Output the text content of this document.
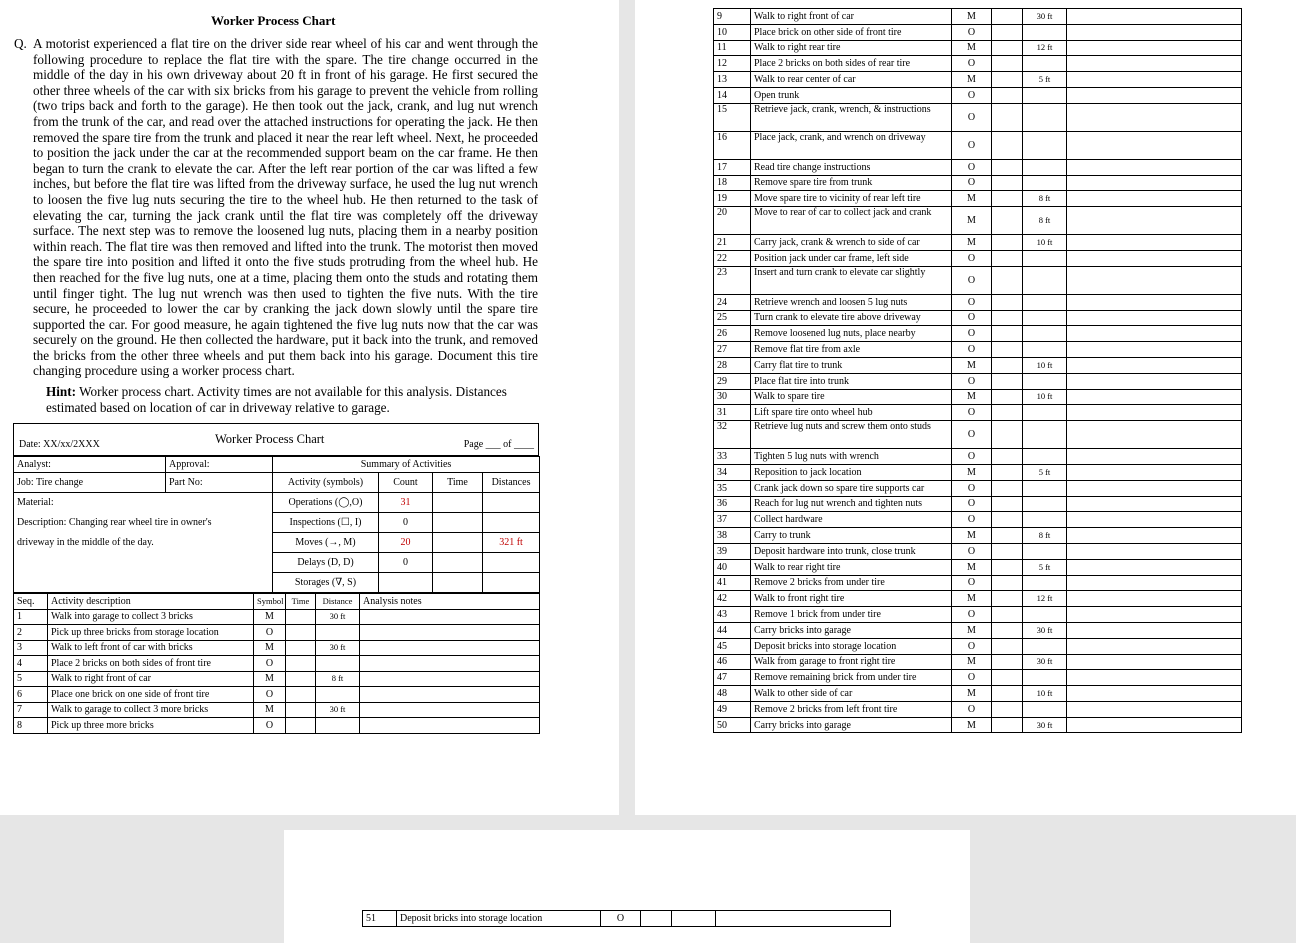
Worker Process Chart
Q. A motorist experienced a flat tire on the driver side rear wheel of his car and went through the following procedure to replace the flat tire with the spare. The tire change occurred in the middle of the day in his own driveway about 20 ft in front of his garage. He first secured the other three wheels of the car with six bricks from his garage to prevent the vehicle from rolling (two trips back and forth to the garage). He then took out the jack, crank, and lug nut wrench from the trunk of the car, and read over the attached instructions for operating the jack. He then removed the spare tire from the trunk and placed it near the rear left wheel. Next, he proceeded to position the jack under the car at the recommended support beam on the car frame. He then began to turn the crank to elevate the car. After the left rear portion of the car was lifted a few inches, but before the flat tire was lifted from the driveway surface, he used the lug nut wrench to loosen the five lug nuts securing the tire to the wheel hub. He then returned to the task of elevating the car, turning the jack crank until the flat tire was completely off the driveway surface. The next step was to remove the loosened lug nuts, placing them in a nearby position within reach. The flat tire was then removed and lifted into the trunk. The motorist then moved the spare tire into position and lifted it onto the five studs protruding from the wheel hub. He then reached for the five lug nuts, one at a time, placing them onto the studs and rotating them until finger tight. The lug nut wrench was then used to tighten the five nuts. With the tire secure, he proceeded to lower the car by cranking the jack down slowly until the spare tire supported the car. For good measure, he again tightened the five lug nuts now that the car was securely on the ground. He then collected the hardware, put it back into the trunk, and removed the bricks from the other three wheels and put them back into his garage. Document this tire changing procedure using a worker process chart.
Hint: Worker process chart. Activity times are not available for this analysis. Distances estimated based on location of car in driveway relative to garage.
Date: XX/xx/2XXX	Worker Process Chart	Page ___ of ____
Analyst:	Approval:	Summary of Activities			
Job: Tire change	Part No:	Activity (symbols)	Count	Time	Distances
Material:		Operations (◯,O)	31		
Description: Changing rear wheel tire in owner's		Inspections (☐, I)	0		
driveway in the middle of the day.		Moves (→, M)	20		321 ft
		Delays (D, D)	0		
		Storages (∇, S)			
Seq.	Activity description	Symbol	Time	Distance	Analysis notes
1	Walk into garage to collect 3 bricks	M		30 ft	
2	Pick up three bricks from storage location	O			
3	Walk to left front of car with bricks	M		30 ft	
4	Place 2 bricks on both sides of front tire	O			
5	Walk to right front of car	M		8 ft	
6	Place one brick on one side of front tire	O			
7	Walk to garage to collect 3 more bricks	M		30 ft	
8	Pick up three more bricks	O			
9	Walk to right front of car	M		30 ft	
10	Place brick on other side of front tire	O			
11	Walk to right rear tire	M		12 ft	
12	Place 2 bricks on both sides of rear tire	O			
13	Walk to rear center of car	M		5 ft	
14	Open trunk	O			
15	Retrieve jack, crank, wrench, & instructions	O			
16	Place jack, crank, and wrench on driveway	O			
17	Read tire change instructions	O			
18	Remove spare tire from trunk	O			
19	Move spare tire to vicinity of rear left tire	M		8 ft	
20	Move to rear of car to collect jack and crank	M		8 ft	
21	Carry jack, crank & wrench to side of car	M		10 ft	
22	Position jack under car frame, left side	O			
23	Insert and turn crank to elevate car slightly	O			
24	Retrieve wrench and loosen 5 lug nuts	O			
25	Turn crank to elevate tire above driveway	O			
26	Remove loosened lug nuts, place nearby	O			
27	Remove flat tire from axle	O			
28	Carry flat tire to trunk	M		10 ft	
29	Place flat tire into trunk	O			
30	Walk to spare tire	M		10 ft	
31	Lift spare tire onto wheel hub	O			
32	Retrieve lug nuts and screw them onto studs	O			
33	Tighten 5 lug nuts with wrench	O			
34	Reposition to jack location	M		5 ft	
35	Crank jack down so spare tire supports car	O			
36	Reach for lug nut wrench and tighten nuts	O			
37	Collect hardware	O			
38	Carry to trunk	M		8 ft	
39	Deposit hardware into trunk, close trunk	O			
40	Walk to rear right tire	M		5 ft	
41	Remove 2 bricks from under tire	O			
42	Walk to front right tire	M		12 ft	
43	Remove 1 brick from under tire	O			
44	Carry bricks into garage	M		30 ft	
45	Deposit bricks into storage location	O			
46	Walk from garage to front right tire	M		30 ft	
47	Remove remaining brick from under tire	O			
48	Walk to other side of car	M		10 ft	
49	Remove 2 bricks from left front tire	O			
50	Carry bricks into garage	M		30 ft	
51	Deposit bricks into storage location	O			
